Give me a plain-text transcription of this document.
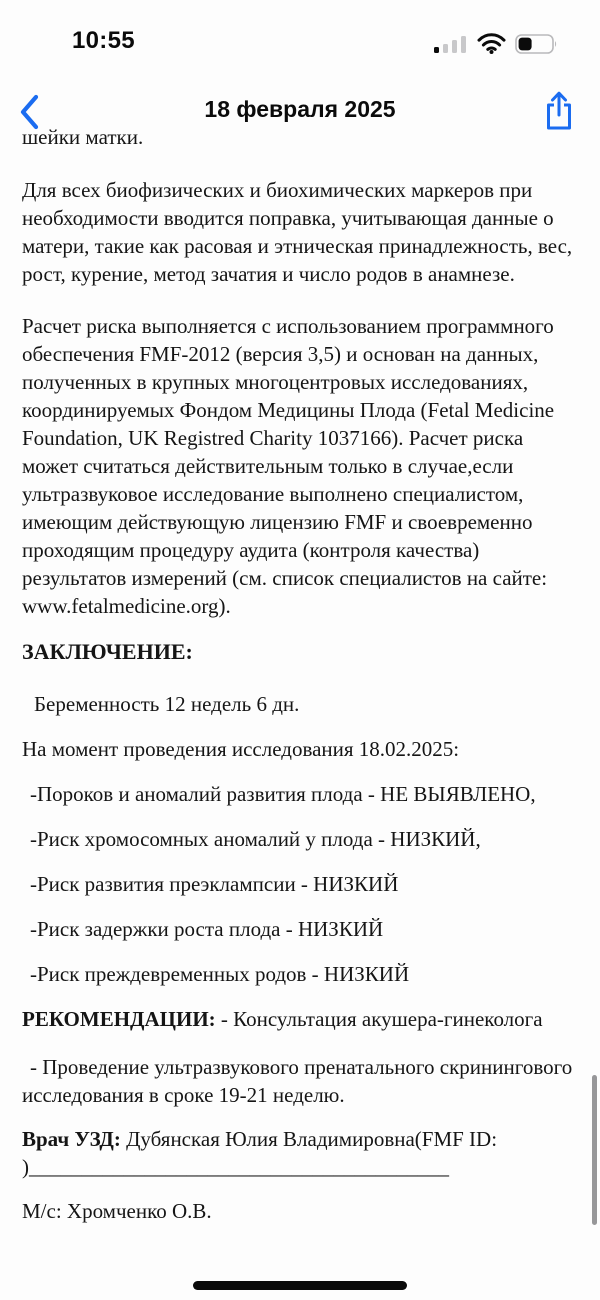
10:55
18 февраля 2025
шейки матки.

Для всех биофизических и биохимических маркеров при необходимости вводится поправка, учитывающая данные о матери, такие как расовая и этническая принадлежность, вес, рост, курение, метод зачатия и число родов в анамнезе.

Расчет риска выполняется с использованием программного обеспечения FMF-2012 (версия 3,5) и основан на данных, полученных в крупных многоцентровых исследованиях, координируемых Фондом Медицины Плода (Fetal Medicine Foundation, UK Registred Charity 1037166). Расчет риска может считаться действительным только в случае,если ультразвуковое исследование выполнено специалистом, имеющим действующую лицензию FMF и своевременно проходящим процедуру аудита (контроля качества) результатов измерений (см. список специалистов на сайте: www.fetalmedicine.org).

ЗАКЛЮЧЕНИЕ:

Беременность 12 недель 6 дн.

На момент проведения исследования 18.02.2025:

-Пороков и аномалий развития плода - НЕ ВЫЯВЛЕНО,

-Риск хромосомных аномалий у плода - НИЗКИЙ,

-Риск развития преэклампсии - НИЗКИЙ

-Риск задержки роста плода - НИЗКИЙ

-Риск преждевременных родов - НИЗКИЙ

РЕКОМЕНДАЦИИ: - Консультация акушера-гинеколога

- Проведение ультразвукового пренатального скринингового исследования в сроке 19-21 неделю.

Врач УЗД: Дубянская Юлия Владимировна(FMF ID: )________________________________________

М/с: Хромченко О.В.
